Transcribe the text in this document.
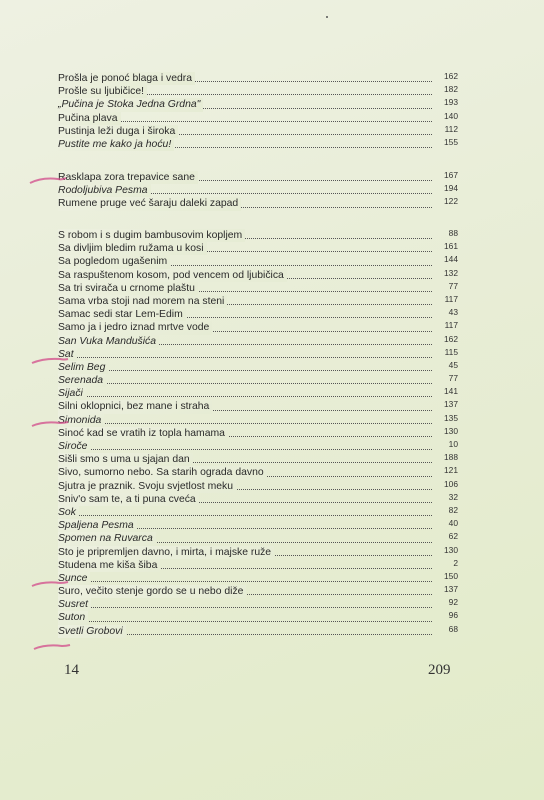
Prošla je ponoć blaga i vedra	162
Prošle su ljubičice!	182
„Pučina je Stoka Jedna Grdna"	193
Pučina plava	140
Pustinja leži duga i široka	112
Pustite me kako ja hoću!	155
Rasklapa zora trepavice sane	167
Rodoljubiva Pesma	194
Rumene pruge već šaraju daleki zapad	122
S robom i s dugim bambusovim kopljem	88
Sa divljim bledim ružama u kosi	161
Sa pogledom ugašenim	144
Sa raspuštenom kosom, pod vencem od ljubičica	132
Sa tri svirača u crnome plaštu	77
Sama vrba stoji nad morem na steni	117
Samac sedi star Lem-Edim	43
Samo ja i jedro iznad mrtve vode	117
San Vuka Mandušića	162
Sat	115
Selim Beg	45
Serenada	77
Sijači	141
Silni oklopnici, bez mane i straha	137
Simonida	135
Sinoć kad se vratih iz topla hamama	130
Siroče	10
Sišli smo s uma u sjajan dan	188
Sivo, sumorno nebo. Sa starih ograda davno	121
Sjutra je praznik. Svoju svjetlost meku	106
Sniv'o sam te, a ti puna cveća	32
Sok	82
Spaljena Pesma	40
Spomen na Ruvarca	62
Sto je pripremljen davno, i mirta, i majske ruže	130
Studena me kiša šiba	2
Sunce	150
Suro, večito stenje gordo se u nebo diže	137
Susret	92
Suton	96
Svetli Grobovi	68
14	209
